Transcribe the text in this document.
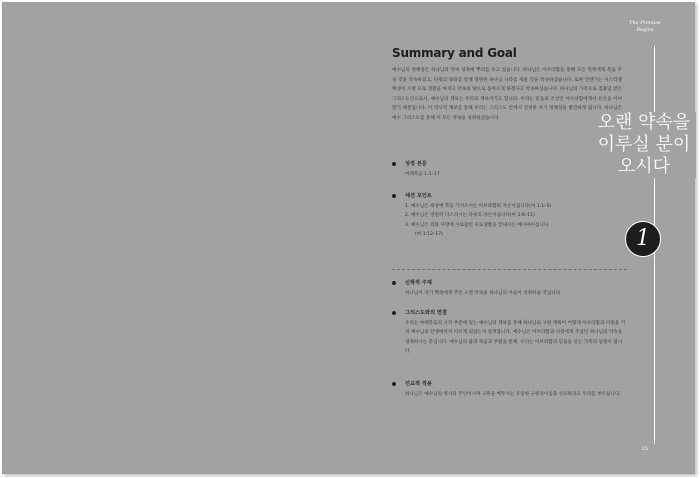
The Promise
Begins
Summary and Goal

예수님의 정체성은 하나님의 약속 성취에 뿌리를 두고 있습니다. 하나님은 아브라함을 통해 모든 민족에게 복을 주실 것을 약속하셨고, 다윗의 왕좌를 통해 영원한 하나님 나라를 세울 것을 약속하셨습니다. 또한 언젠가는 이스라엘 백성이 오랜 포로 생활을 마치고 약속의 땅으로 돌아오게 하겠다고 약속하셨습니다. 하나님의 가족으로 접붙임 받은 그리스도인으로서, 예수님의 계보는 우리의 계보이기도 합니다. 우리는 믿음의 조상인 아브라함에게서 유산을 이어받기 때문입니다. 이 역사적 계보를 통해 우리는 그리스도 안에서 진정한 자기 정체성을 발견하게 됩니다. 하나님은 예수 그리스도를 통해 이 모든 약속을 성취하셨습니다.

성경 본문
마태복음 1:1–17
세션 포인트
1. 예수님은 세상에 복을 가져오시는 아브라함의 자손이십니다(마 1:1–5)
2. 예수님은 영원히 다스리시는 다윗의 자손이십니다(마 1:6–11)
3. 예수님은 죄와 사망에 사로잡힌 포로생활을 끝내시는 메시아이십니다
(마 1:12–17)
신학적 주제
하나님이 자기 백성에게 주신 오랜 약속을 하나님의 아들이 성취하실 것입니다.
그리스도와의 연결
우리는 마태복음의 시작 부분에 있는 예수님의 계보를 통해 하나님의 구원 계획이 어떻게 아브라함과 다윗을 거쳐 예수님의 탄생에까지 이르게 되었는지 살펴봅니다. 예수님은 아브라함과 다윗에게 주셨던 하나님의 약속을 성취하시는 분입니다. 예수님의 삶과 죽음과 부활을 통해, 우리는 아브라함의 믿음을 잇는 가족의 일원이 됩니다.
선교적 적용
하나님은 예수님의 역사의 주인이시며 구원을 베푸시는 유일한 구원자이심을 선포하라고 우리를 부르십니다.
오랜 약속을
이루실 분이
오시다
1
15
